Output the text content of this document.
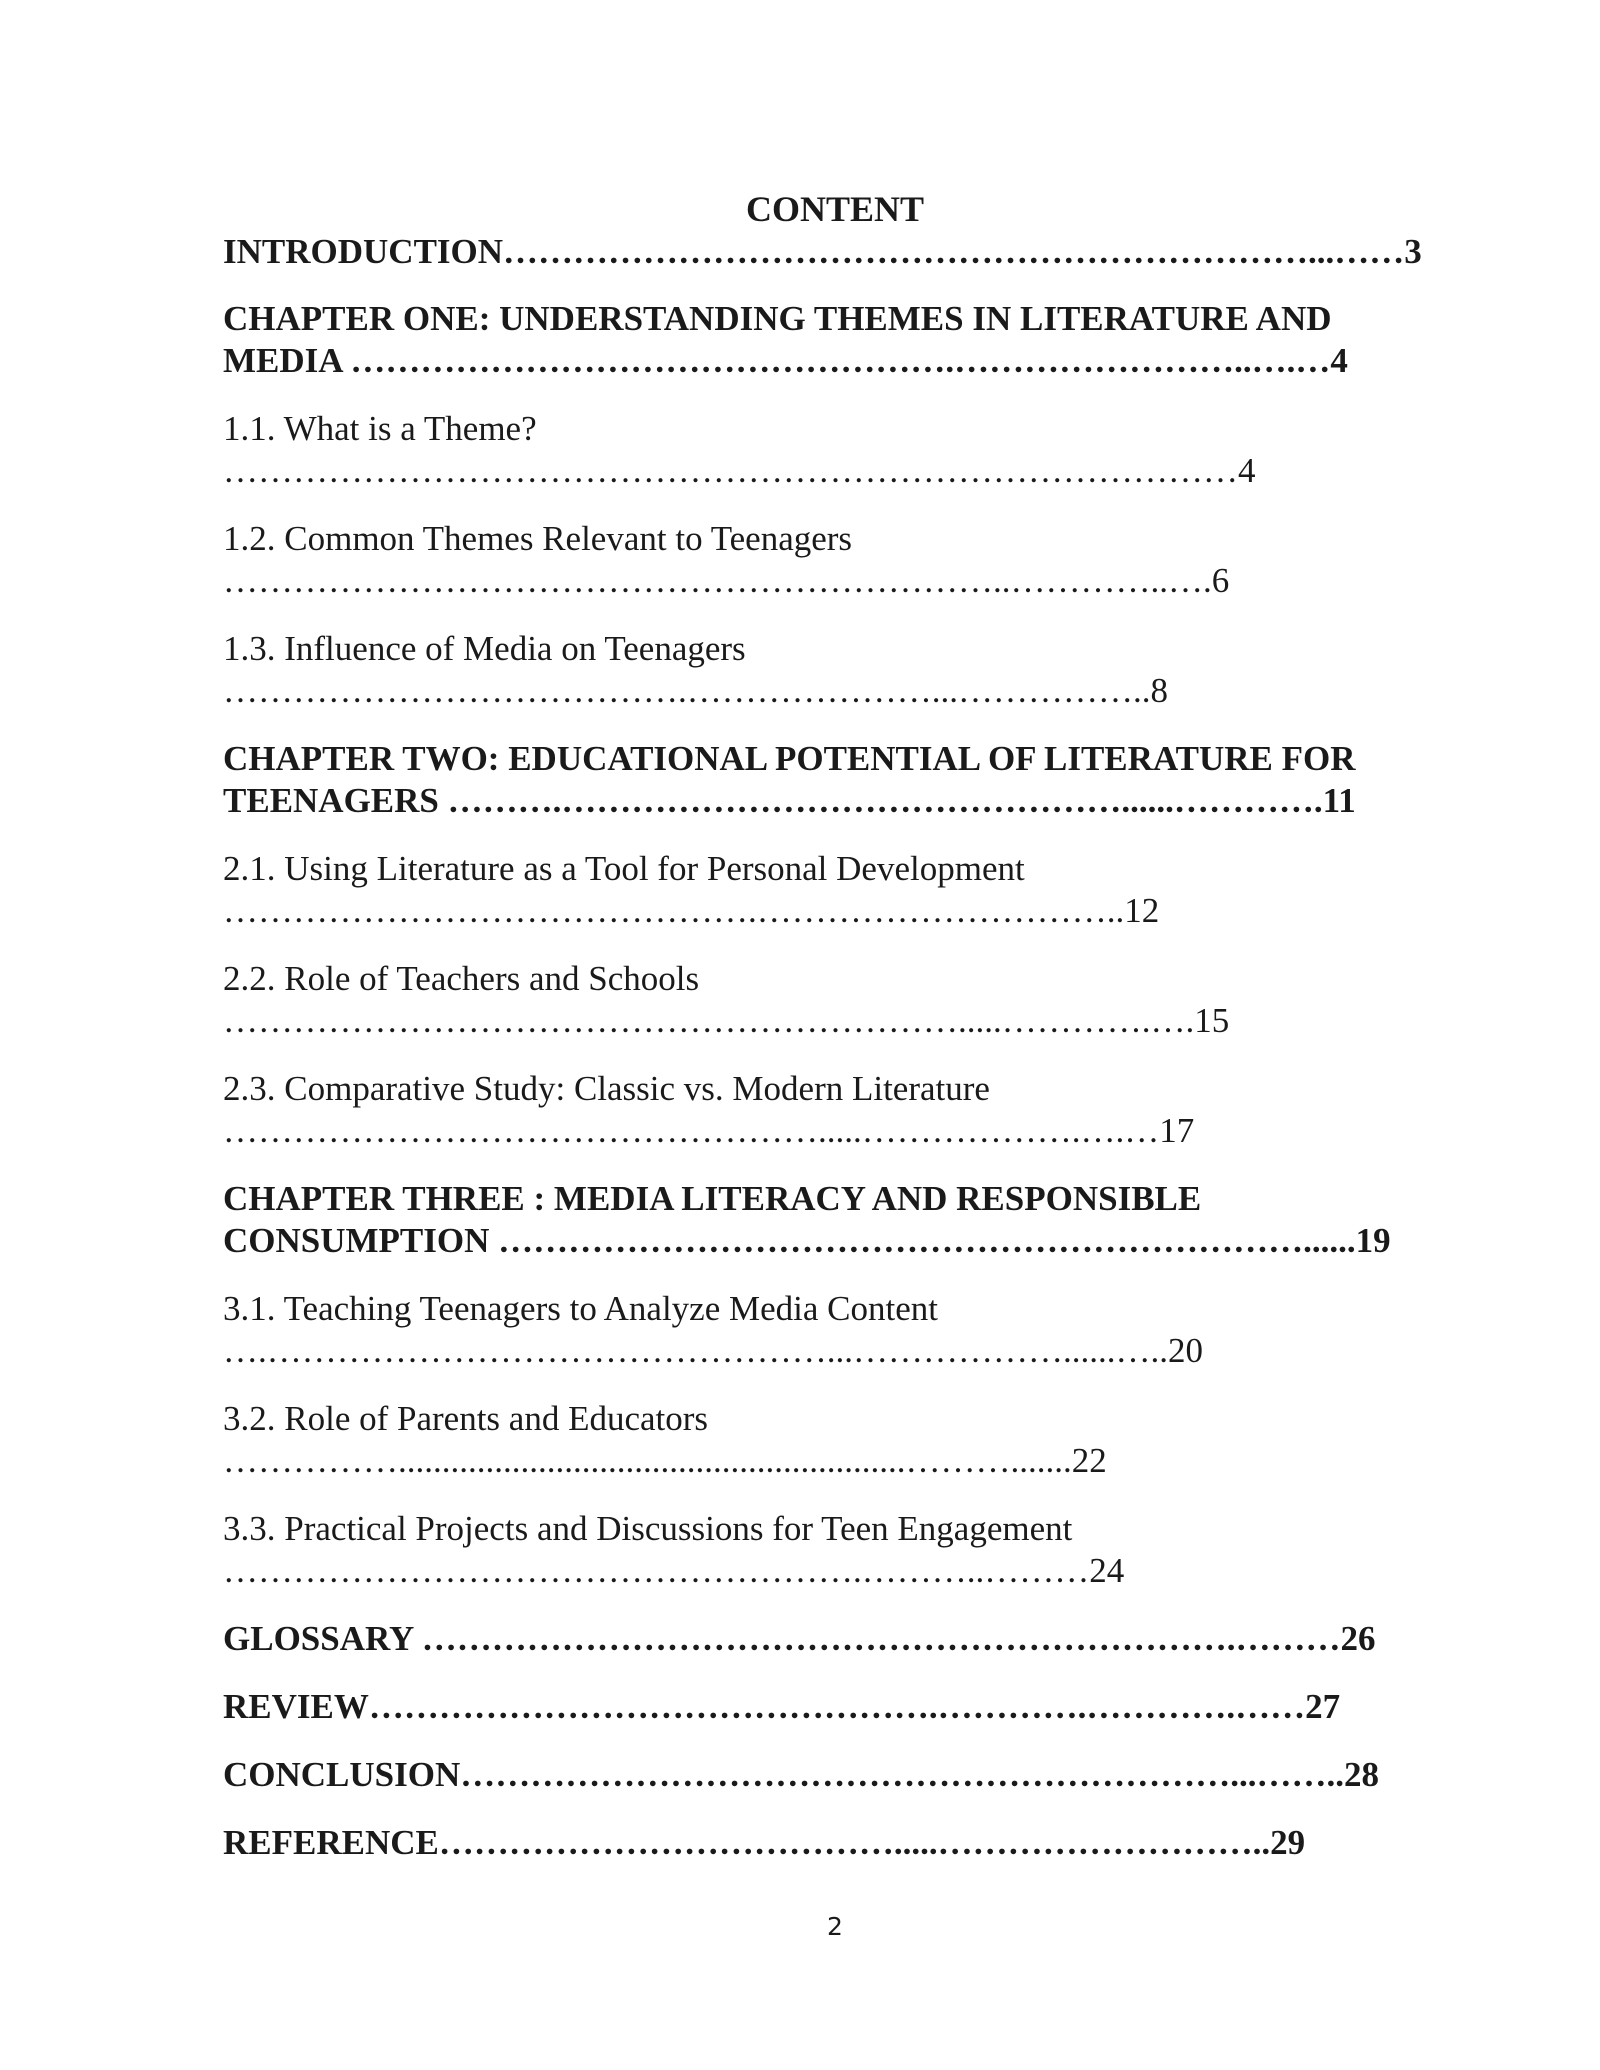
CONTENT
INTRODUCTION……………………………………………………………...……3
CHAPTER ONE: UNDERSTANDING THEMES IN LITERATURE AND
MEDIA …………………………………………….……………………..….…4
1.1. What is a Theme?
……………………………………………………………………………4
1.2. Common Themes Relevant to Teenagers
…………………………………………………………..…………..….6
1.3. Influence of Media on Teenagers
………………………………….…………………...……………..8
CHAPTER TWO: EDUCATIONAL POTENTIAL OF LITERATURE FOR
TEENAGERS ……….…………………………………………......………….11
2.1. Using Literature as a Tool for Personal Development
……………………………………….…………………………..12
2.2. Role of Teachers and Schools
……………………………………………………….....………….….15
2.3. Comparative Study: Classic vs. Modern Literature
…………………………………………….....……………….….…17
CHAPTER THREE : MEDIA LITERACY AND RESPONSIBLE
CONSUMPTION ……………………………………………………………......19
3.1. Teaching Teenagers to Analyze Media Content
….…………………………………………...………………......…..20
3.2. Role of Parents and Educators
……………..........................................................……….......22
3.3. Practical Projects and Discussions for Teen Engagement
……………………………………………….………..………24
GLOSSARY …………………………………………………………….………26
REVIEW………………………………………….………….………….……27
CONCLUSION…………………………………………………………...……..28
REFERENCE………………………………….....………………………..29
2
